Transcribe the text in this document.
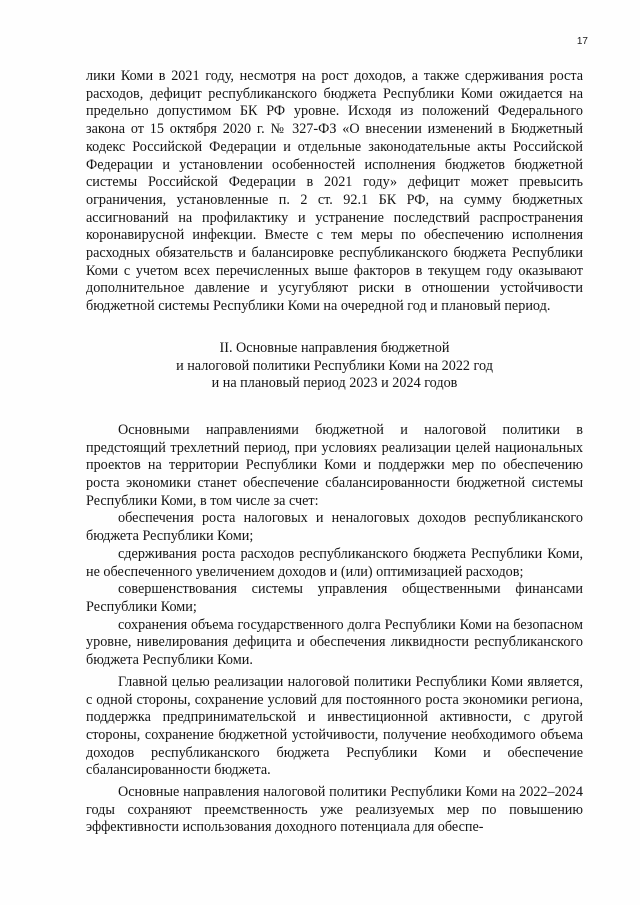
17

лики Коми в 2021 году, несмотря на рост доходов, а также сдерживания роста расходов, дефицит республиканского бюджета Республики Коми ожидается на предельно допустимом БК РФ уровне. Исходя из положений Федерального закона от 15 октября 2020 г. № 327-ФЗ «О внесении изменений в Бюджетный кодекс Российской Федерации и отдельные законодательные акты Российской Федерации и установлении особенностей исполнения бюджетов бюджетной системы Российской Федерации в 2021 году» дефицит может превысить ограничения, установленные п. 2 ст. 92.1 БК РФ, на сумму бюджетных ассигнований на профилактику и устранение последствий распространения коронавирусной инфекции. Вместе с тем меры по обеспечению исполнения расходных обязательств и балансировке республиканского бюджета Республики Коми с учетом всех перечисленных выше факторов в текущем году оказывают дополнительное давление и усугубляют риски в отношении устойчивости бюджетной системы Республики Коми на очередной год и плановый период.

II. Основные направления бюджетной
и налоговой политики Республики Коми на 2022 год
и на плановый период 2023 и 2024 годов

Основными направлениями бюджетной и налоговой политики в предстоящий трехлетний период, при условиях реализации целей национальных проектов на территории Республики Коми и поддержки мер по обеспечению роста экономики станет обеспечение сбалансированности бюджетной системы Республики Коми, в том числе за счет:

обеспечения роста налоговых и неналоговых доходов республиканского бюджета Республики Коми;

сдерживания роста расходов республиканского бюджета Республики Коми, не обеспеченного увеличением доходов и (или) оптимизацией расходов;

совершенствования системы управления общественными финансами Республики Коми;

сохранения объема государственного долга Республики Коми на безопасном уровне, нивелирования дефицита и обеспечения ликвидности республиканского бюджета Республики Коми.

Главной целью реализации налоговой политики Республики Коми является, с одной стороны, сохранение условий для постоянного роста экономики региона, поддержка предпринимательской и инвестиционной активности, с другой стороны, сохранение бюджетной устойчивости, получение необходимого объема доходов республиканского бюджета Республики Коми и обеспечение сбалансированности бюджета.

Основные направления налоговой политики Республики Коми на 2022–2024 годы сохраняют преемственность уже реализуемых мер по повышению эффективности использования доходного потенциала для обеспе-
